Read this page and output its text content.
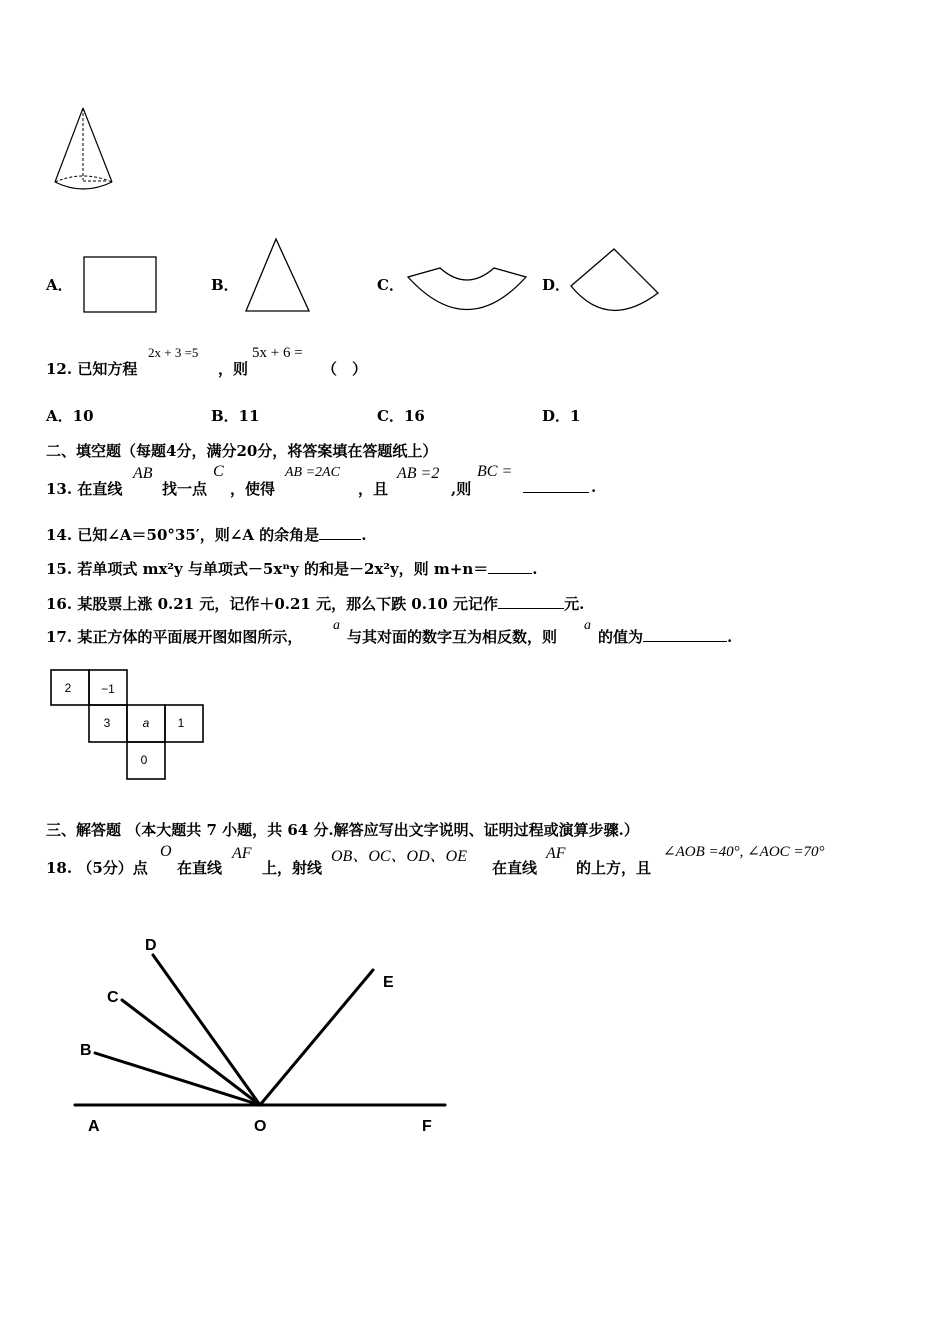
A．	B．	C．	D．
12. 已知方程
2x + 3 =5
，则
5x + 6 =
（　）
A．10	B．11	C．16	D．1
二、填空题（每题4分，满分20分，将答案填在答题纸上）
13. 在直线
AB
找一点
C
，使得
AB =2AC
，且
AB =2
,则
BC =
.
14. 已知∠A＝50°35′，则∠A 的余角是	.
15. 若单项式 mx²y 与单项式－5xⁿy 的和是－2x²y，则 m+n＝	.
16. 某股票上涨 0.21 元，记作＋0.21 元，那么下跌 0.10 元记作	元.
17. 某正方体的平面展开图如图所示，
a
与其对面的数字互为相反数，则
a
的值为	.
2 −1
3	a 1
0
三、解答题 （本大题共 7 小题，共 64 分.解答应写出文字说明、证明过程或演算步骤.）
18. （5分）点
O
在直线
AF
上，射线
OB、OC、OD、OE
在直线
AF
的上方，且
∠AOB =40°, ∠AOC =70°
A	O	F
B
C
D
E
